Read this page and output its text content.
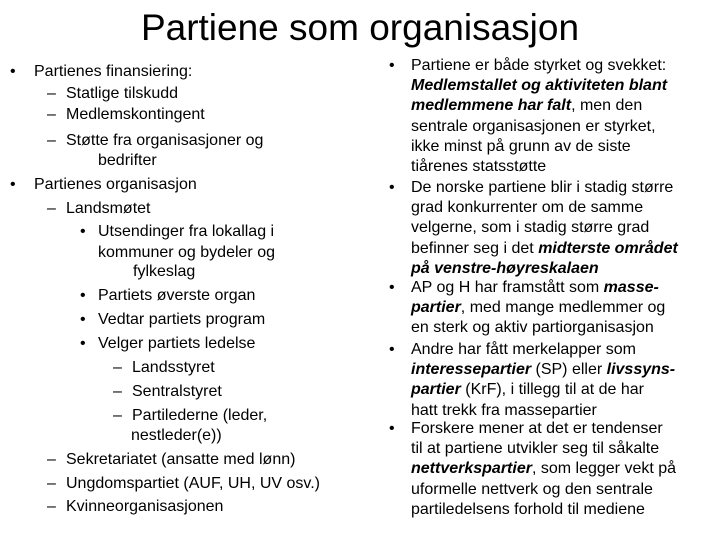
Partiene som organisasjon
• Partienes finansiering:
– Statlige tilskudd
– Medlemskontingent
– Støtte fra organisasjoner og
bedrifter
• Partienes organisasjon
– Landsmøtet
• Utsendinger fra lokallag i
kommuner og bydeler og
fylkeslag
• Partiets øverste organ
• Vedtar partiets program
• Velger partiets ledelse
– Landsstyret
– Sentralstyret
– Partilederne (leder,
nestleder(e))
– Sekretariatet (ansatte med lønn)
– Ungdomspartiet (AUF, UH, UV osv.)
– Kvinneorganisasjonen
• Partiene er både styrket og svekket:
Medlemstallet og aktiviteten blant
medlemmene har falt, men den
sentrale organisasjonen er styrket,
ikke minst på grunn av de siste
tiårenes statsstøtte
• De norske partiene blir i stadig større
grad konkurrenter om de samme
velgerne, som i stadig større grad
befinner seg i det midterste området
på venstre-høyreskalaen
• AP og H har framstått som masse-
partier, med mange medlemmer og
en sterk og aktiv partiorganisasjon
• Andre har fått merkelapper som
interessepartier (SP) eller livssyns-
partier (KrF), i tillegg til at de har
hatt trekk fra massepartier
• Forskere mener at det er tendenser
til at partiene utvikler seg til såkalte
nettverkspartier, som legger vekt på
uformelle nettverk og den sentrale
partiledelsens forhold til mediene
